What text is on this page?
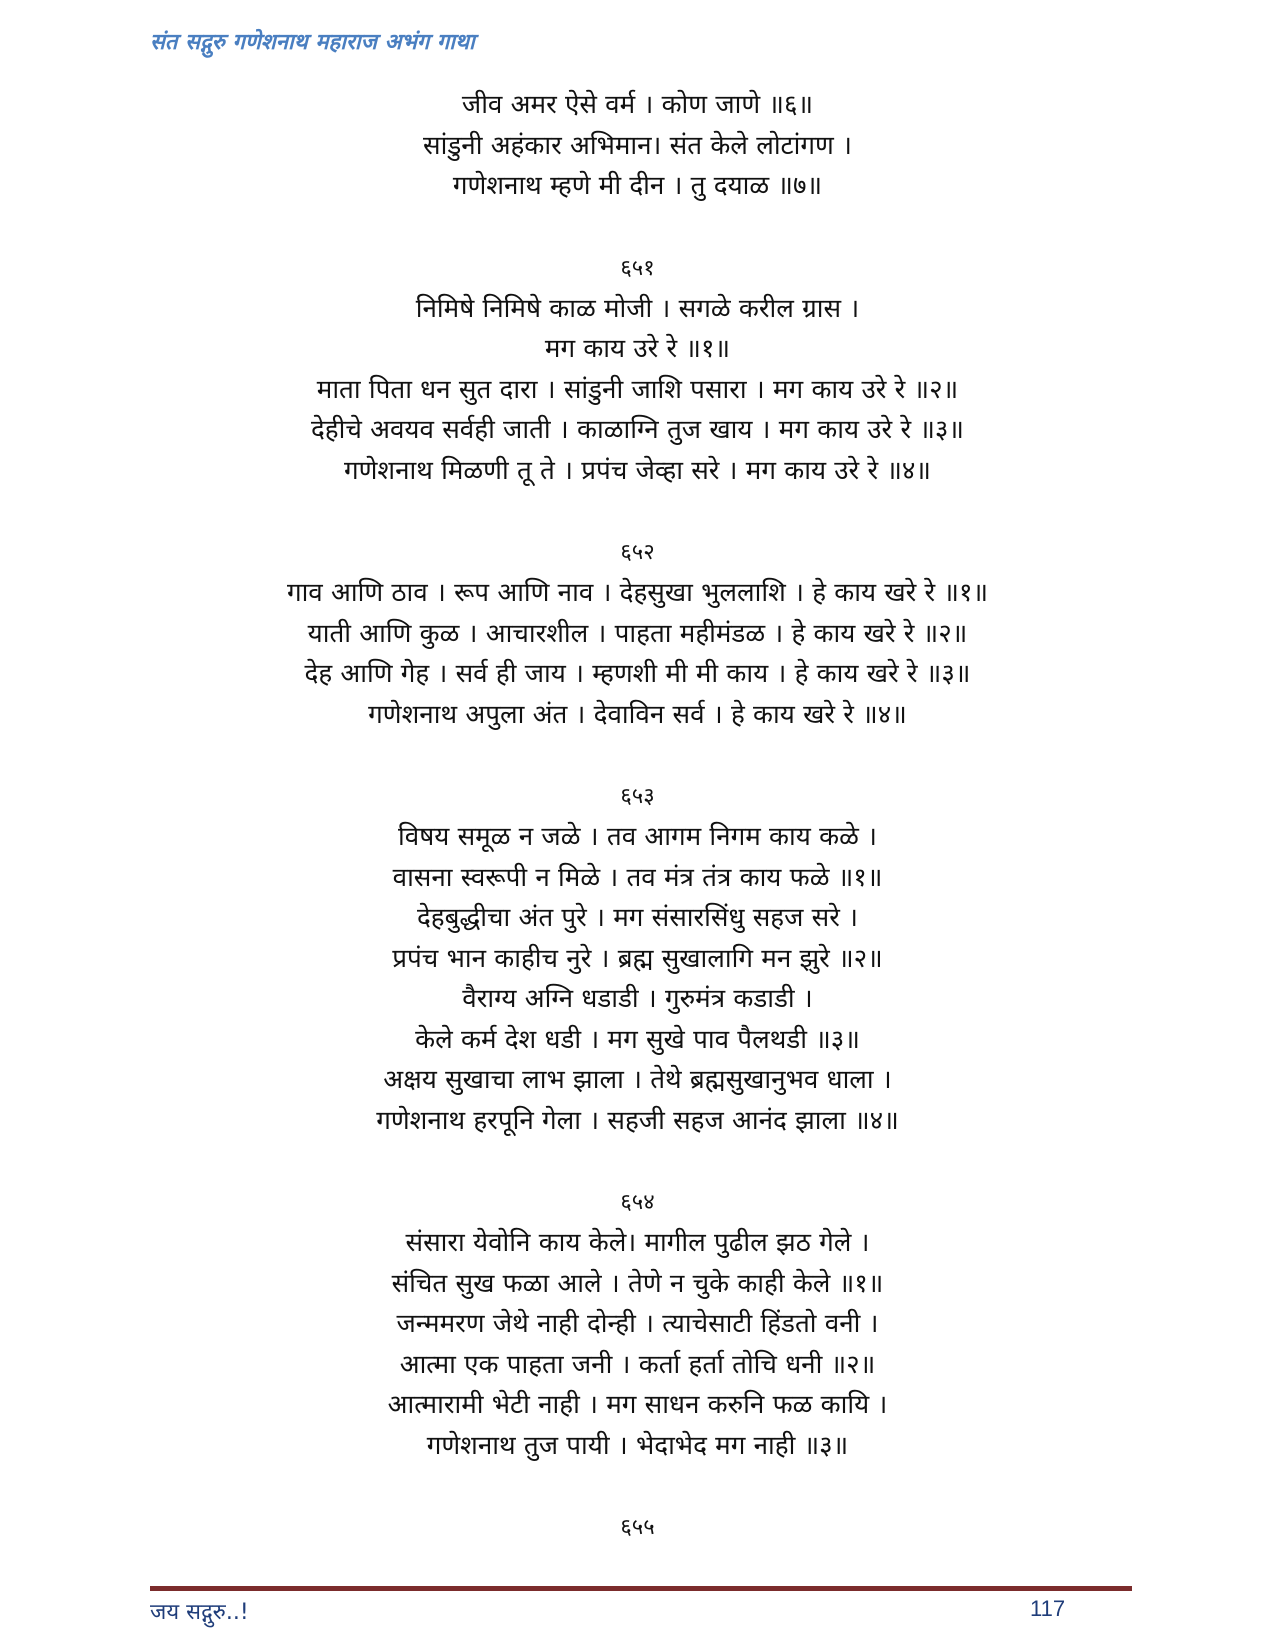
संत सद्गुरु गणेशनाथ महाराज अभंग गाथा
जीव अमर ऐसे वर्म । कोण जाणे ॥६॥
सांडुनी अहंकार अभिमान। संत केले लोटांगण ।
गणेशनाथ म्हणे मी दीन । तु दयाळ ॥७॥
६५१
निमिषे निमिषे काळ मोजी । सगळे करील ग्रास ।
मग काय उरे रे ॥१॥
माता पिता धन सुत दारा । सांडुनी जाशि पसारा । मग काय उरे रे ॥२॥
देहीचे अवयव सर्वही जाती । काळाग्नि तुज खाय । मग काय उरे रे ॥३॥
गणेशनाथ मिळणी तू ते । प्रपंच जेव्हा सरे । मग काय उरे रे ॥४॥
६५२
गाव आणि ठाव । रूप आणि नाव । देहसुखा भुललाशि । हे काय खरे रे ॥१॥
याती आणि कुळ । आचारशील । पाहता महीमंडळ । हे काय खरे रे ॥२॥
देह आणि गेह । सर्व ही जाय । म्हणशी मी मी काय । हे काय खरे रे ॥३॥
गणेशनाथ अपुला अंत । देवाविन सर्व । हे काय खरे रे ॥४॥
६५३
विषय समूळ न जळे । तव आगम निगम काय कळे ।
वासना स्वरूपी न मिळे । तव मंत्र तंत्र काय फळे ॥१॥
देहबुद्धीचा अंत पुरे । मग संसारसिंधु सहज सरे ।
प्रपंच भान काहीच नुरे । ब्रह्म सुखालागि मन झुरे ॥२॥
वैराग्य अग्नि धडाडी । गुरुमंत्र कडाडी ।
केले कर्म देश धडी । मग सुखे पाव पैलथडी ॥३॥
अक्षय सुखाचा लाभ झाला । तेथे ब्रह्मसुखानुभव धाला ।
गणेशनाथ हरपूनि गेला । सहजी सहज आनंद झाला ॥४॥
६५४
संसारा येवोनि काय केले। मागील पुढील झठ गेले ।
संचित सुख फळा आले । तेणे न चुके काही केले ॥१॥
जन्ममरण जेथे नाही दोन्ही । त्याचेसाटी हिंडतो वनी ।
आत्मा एक पाहता जनी । कर्ता हर्ता तोचि धनी ॥२॥
आत्मारामी भेटी नाही । मग साधन करुनि फळ कायि ।
गणेशनाथ तुज पायी । भेदाभेद मग नाही ॥३॥
६५५
जय सद्गुरु..!	117
